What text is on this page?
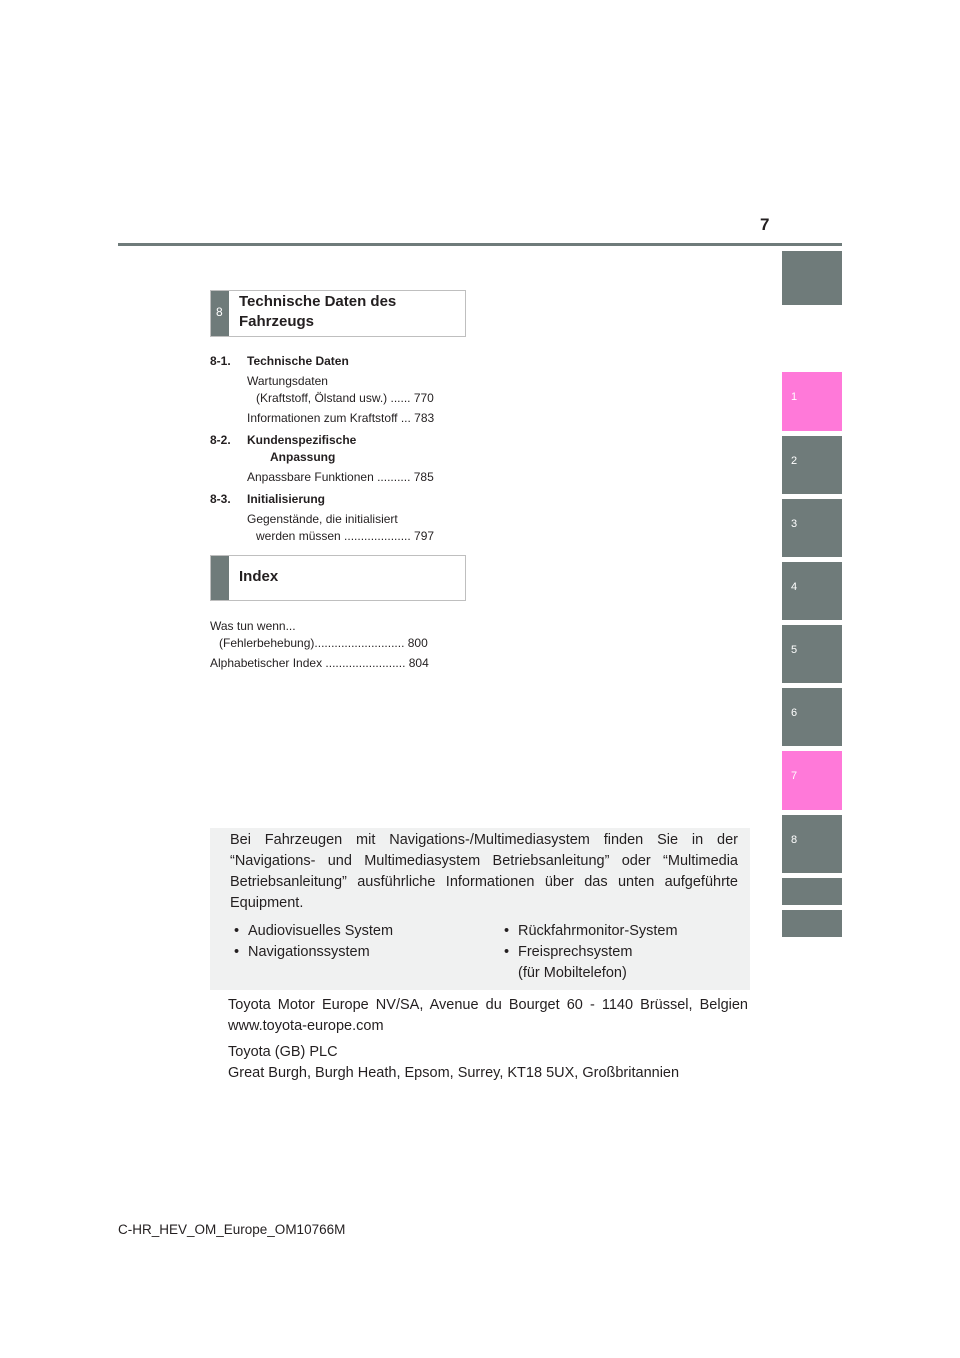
7
1
2
3
4
5
6
7
8
8
Technische Daten des
Fahrzeugs
8-1. Technische Daten
Wartungsdaten
(Kraftstoff, Ölstand usw.) ...... 770
Informationen zum Kraftstoff ... 783
8-2. Kundenspezifische
Anpassung
Anpassbare Funktionen .......... 785
8-3. Initialisierung
Gegenstände, die initialisiert
werden müssen .................... 797
Index
Was tun wenn...
(Fehlerbehebung)........................... 800
Alphabetischer Index ........................ 804
Bei Fahrzeugen mit Navigations-/Multimediasystem finden Sie in der “Navigations- und Multimediasystem Betriebsanleitung” oder “Multimedia Betriebsanleitung” ausführliche Informationen über das unten aufgeführte Equipment.
• Audiovisuelles System
• Navigationssystem
• Rückfahrmonitor-System
• Freisprechsystem
(für Mobiltelefon)
Toyota Motor Europe NV/SA, Avenue du Bourget 60 - 1140 Brüssel, Belgien
www.toyota-europe.com
Toyota (GB) PLC
Great Burgh, Burgh Heath, Epsom, Surrey, KT18 5UX, Großbritannien
C-HR_HEV_OM_Europe_OM10766M
